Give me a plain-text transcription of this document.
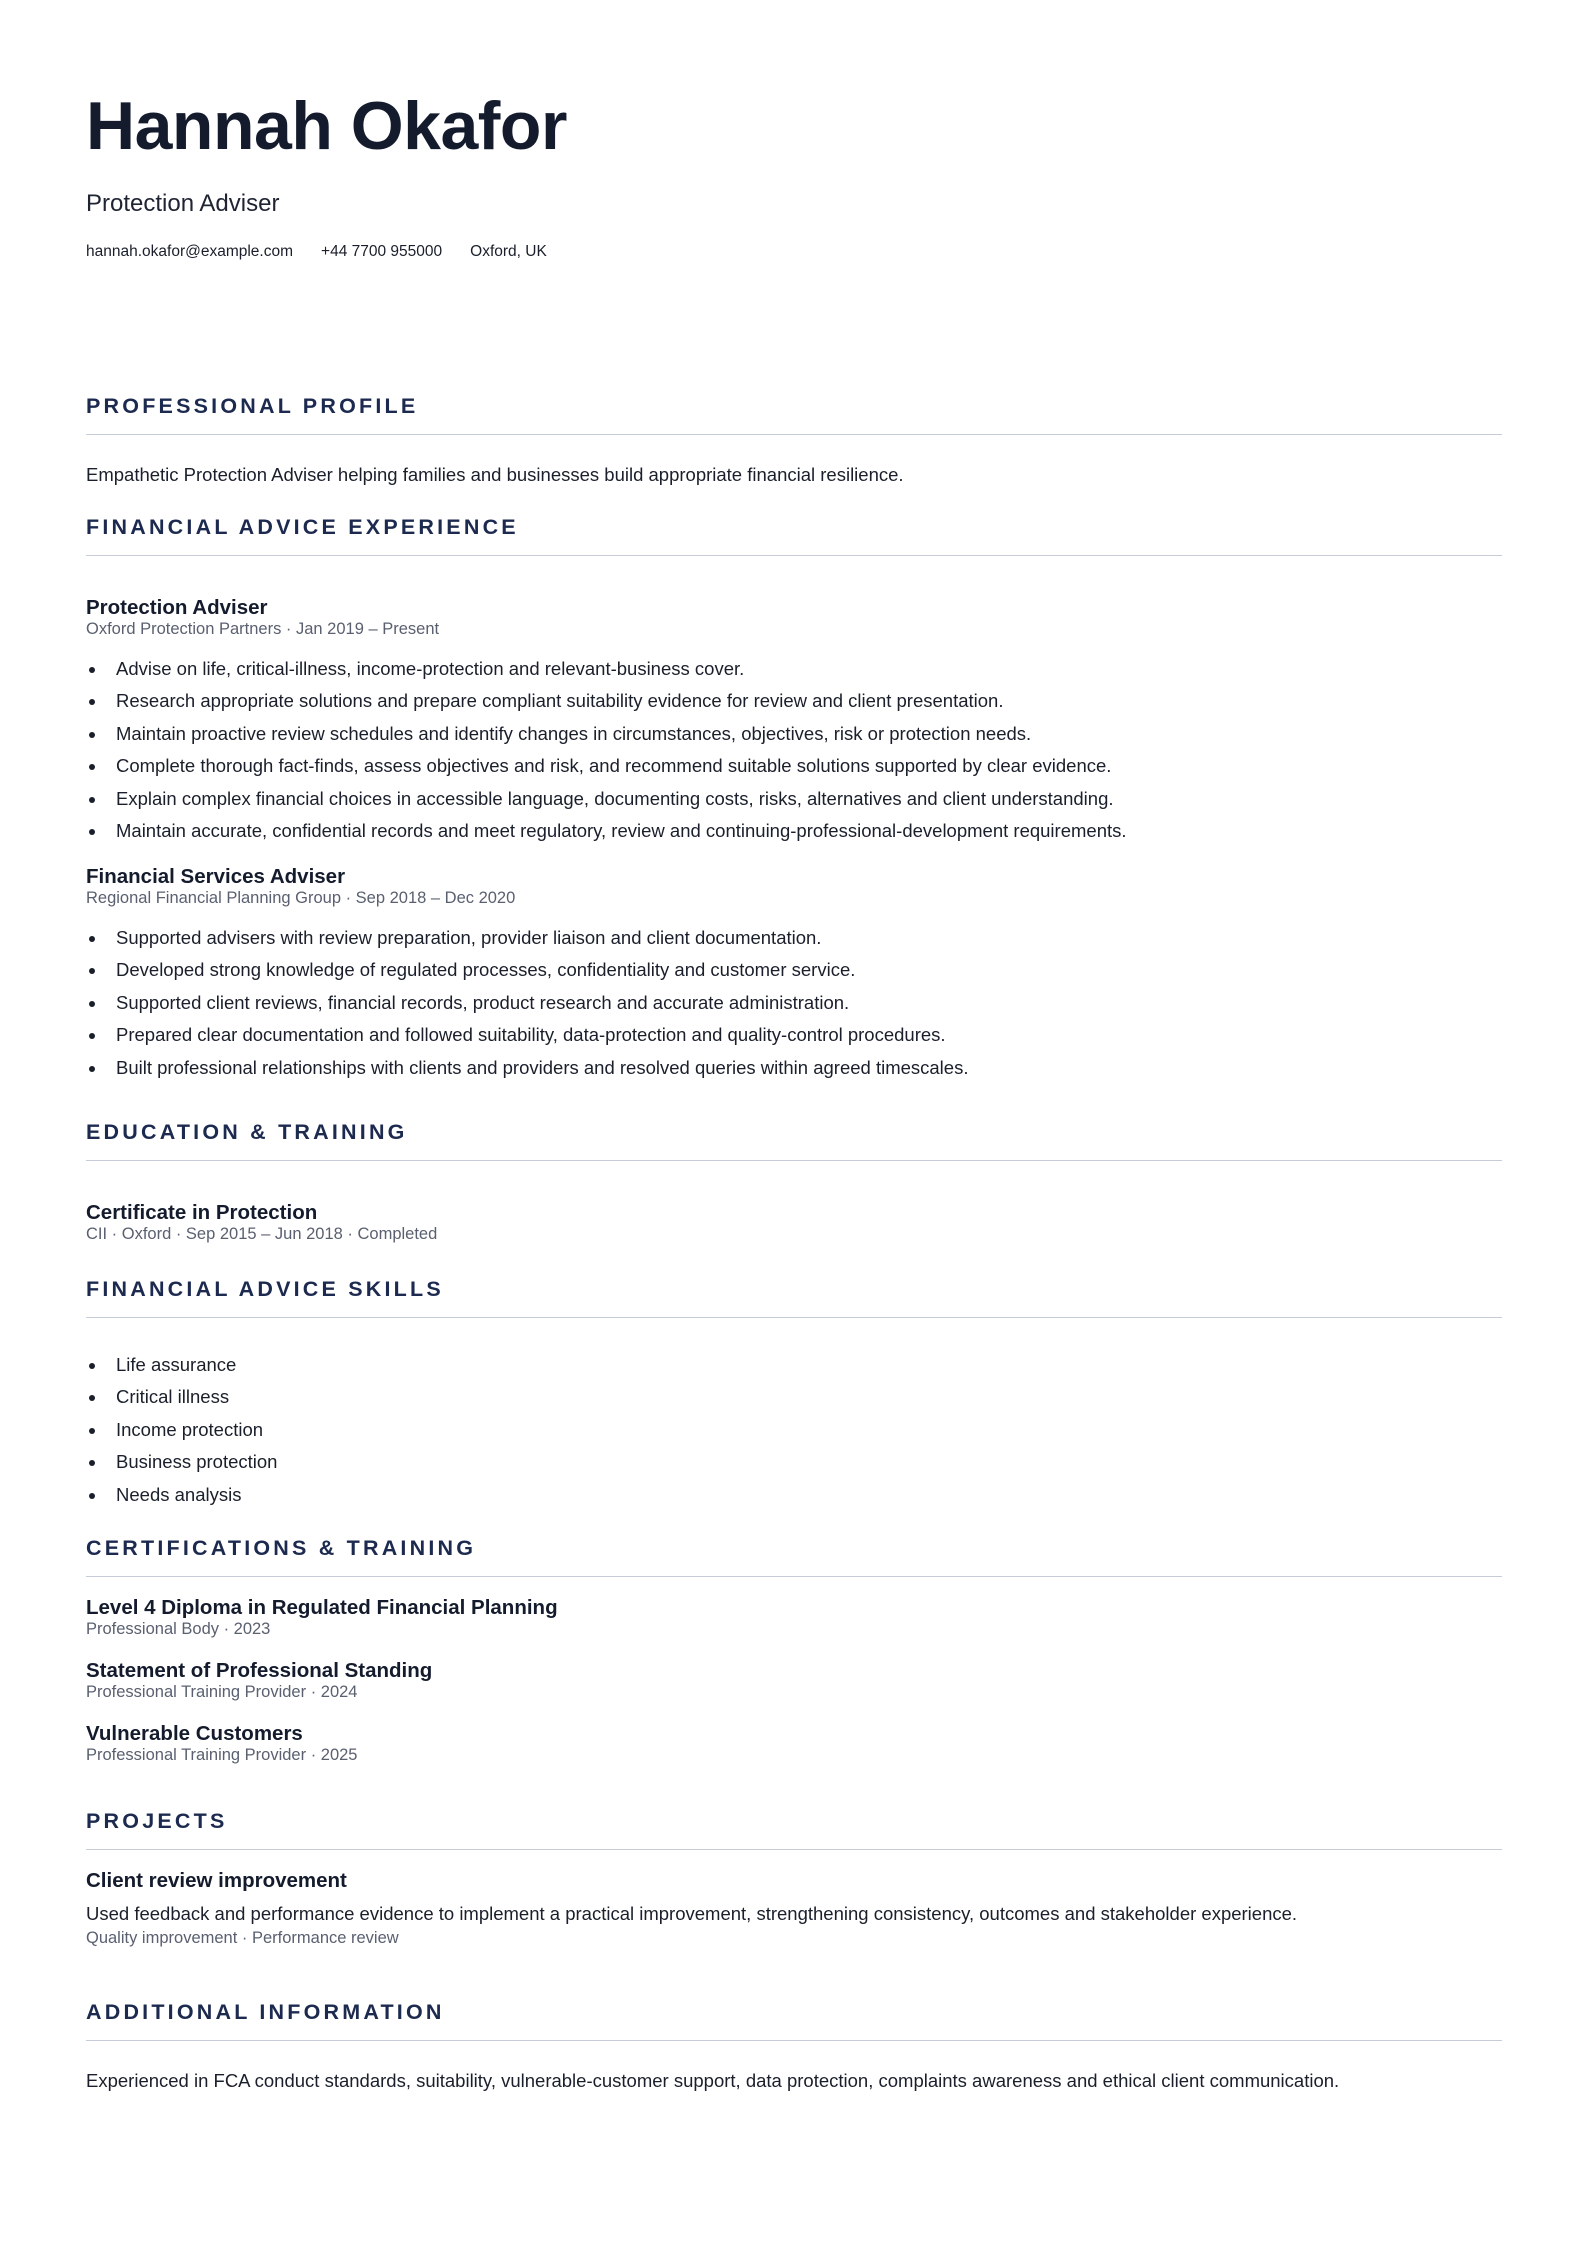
Hannah Okafor
Protection Adviser
hannah.okafor@example.com +44 7700 955000 Oxford, UK
PROFESSIONAL PROFILE
Empathetic Protection Adviser helping families and businesses build appropriate financial resilience.
FINANCIAL ADVICE EXPERIENCE
Protection Adviser
Oxford Protection Partners · Jan 2019 – Present
Advise on life, critical-illness, income-protection and relevant-business cover.
Research appropriate solutions and prepare compliant suitability evidence for review and client presentation.
Maintain proactive review schedules and identify changes in circumstances, objectives, risk or protection needs.
Complete thorough fact-finds, assess objectives and risk, and recommend suitable solutions supported by clear evidence.
Explain complex financial choices in accessible language, documenting costs, risks, alternatives and client understanding.
Maintain accurate, confidential records and meet regulatory, review and continuing-professional-development requirements.
Financial Services Adviser
Regional Financial Planning Group · Sep 2018 – Dec 2020
Supported advisers with review preparation, provider liaison and client documentation.
Developed strong knowledge of regulated processes, confidentiality and customer service.
Supported client reviews, financial records, product research and accurate administration.
Prepared clear documentation and followed suitability, data-protection and quality-control procedures.
Built professional relationships with clients and providers and resolved queries within agreed timescales.
EDUCATION & TRAINING
Certificate in Protection
CII · Oxford · Sep 2015 – Jun 2018 · Completed
FINANCIAL ADVICE SKILLS
Life assurance
Critical illness
Income protection
Business protection
Needs analysis
CERTIFICATIONS & TRAINING
Level 4 Diploma in Regulated Financial Planning
Professional Body · 2023
Statement of Professional Standing
Professional Training Provider · 2024
Vulnerable Customers
Professional Training Provider · 2025
PROJECTS
Client review improvement
Used feedback and performance evidence to implement a practical improvement, strengthening consistency, outcomes and stakeholder experience.
Quality improvement · Performance review
ADDITIONAL INFORMATION
Experienced in FCA conduct standards, suitability, vulnerable-customer support, data protection, complaints awareness and ethical client communication.
